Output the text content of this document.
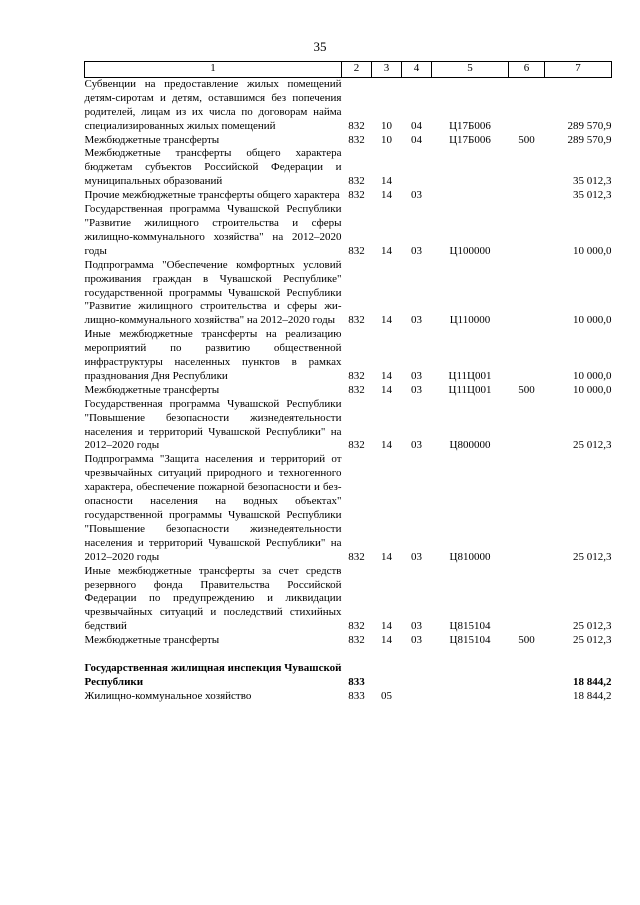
35
1	2	3	4	5	6	7
Субвенции на предоставление жилых помещений детям-сиротам и детям, оставшимся без попечения родителей, лицам из их числа по договорам найма специализированных жилых помещений	832	10	04	Ц17Б006		289 570,9
Межбюджетные трансферты	832	10	04	Ц17Б006	500	289 570,9
Межбюджетные трансферты общего характера бюджетам субъектов Российской Федерации и муниципальных образований	832	14				35 012,3
Прочие межбюджетные трансферты общего характера	832	14	03			35 012,3
Государственная программа Чувашской Республики "Развитие жилищного строительства и сферы жилищно-коммунального хозяйства" на 2012–2020 годы	832	14	03	Ц100000		10 000,0
Подпрограмма "Обеспечение комфортных условий проживания граждан в Чувашской Республике" государственной программы Чувашской Республики "Развитие жилищного строительства и сферы жилищно-коммунального хозяйства" на 2012–2020 годы	832	14	03	Ц110000		10 000,0
Иные межбюджетные трансферты на реализацию мероприятий по развитию общественной инфраструктуры населенных пунктов в рамках празднования Дня Республики	832	14	03	Ц11Ц001		10 000,0
Межбюджетные трансферты	832	14	03	Ц11Ц001	500	10 000,0
Государственная программа Чувашской Республики "Повышение безопасности жизнедеятельности населения и территорий Чувашской Республики" на 2012–2020 годы	832	14	03	Ц800000		25 012,3
Подпрограмма "Защита населения и территорий от чрезвычайных ситуаций природного и техногенного характера, обеспечение пожарной безопасности и безопасности населения на водных объектах" государственной программы Чувашской Республики "Повышение безопасности жизнедеятельности населения и территорий Чувашской Республики" на 2012–2020 годы	832	14	03	Ц810000		25 012,3
Иные межбюджетные трансферты за счет средств резервного фонда Правительства Российской Федерации по предупреждению и ликвидации чрезвычайных ситуаций и последствий стихийных бедствий	832	14	03	Ц815104		25 012,3
Межбюджетные трансферты	832	14	03	Ц815104	500	25 012,3

Государственная жилищная инспекция Чувашской Республики	833					18 844,2
Жилищно-коммунальное хозяйство	833	05				18 844,2
